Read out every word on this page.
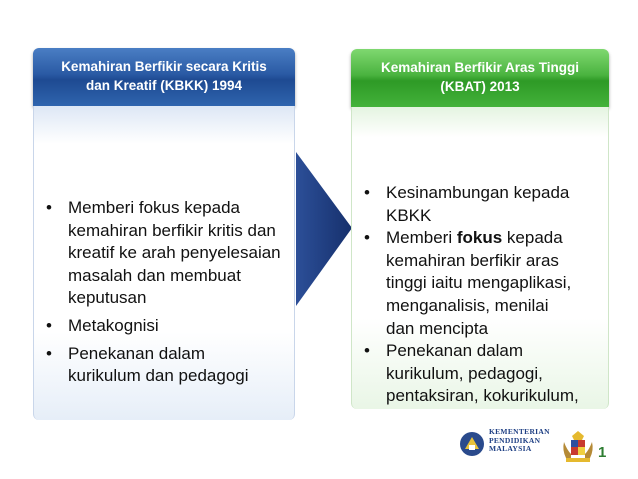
Kemahiran Berfikir secara Kritis
dan Kreatif (KBKK) 1994
• Memberi fokus kepada
kemahiran berfikir kritis dan
kreatif ke arah penyelesaian
masalah dan membuat
keputusan
• Metakognisi
• Penekanan dalam
kurikulum dan pedagogi
Kemahiran Berfikir Aras Tinggi
(KBAT) 2013
• Kesinambungan kepada
KBKK
• Memberi fokus kepada
kemahiran berfikir aras
tinggi iaitu mengaplikasi,
menganalisis, menilai
dan mencipta
• Penekanan dalam
kurikulum, pedagogi,
pentaksiran, kokurikulum,
KEMENTERIAN
PENDIDIKAN
MALAYSIA	1
